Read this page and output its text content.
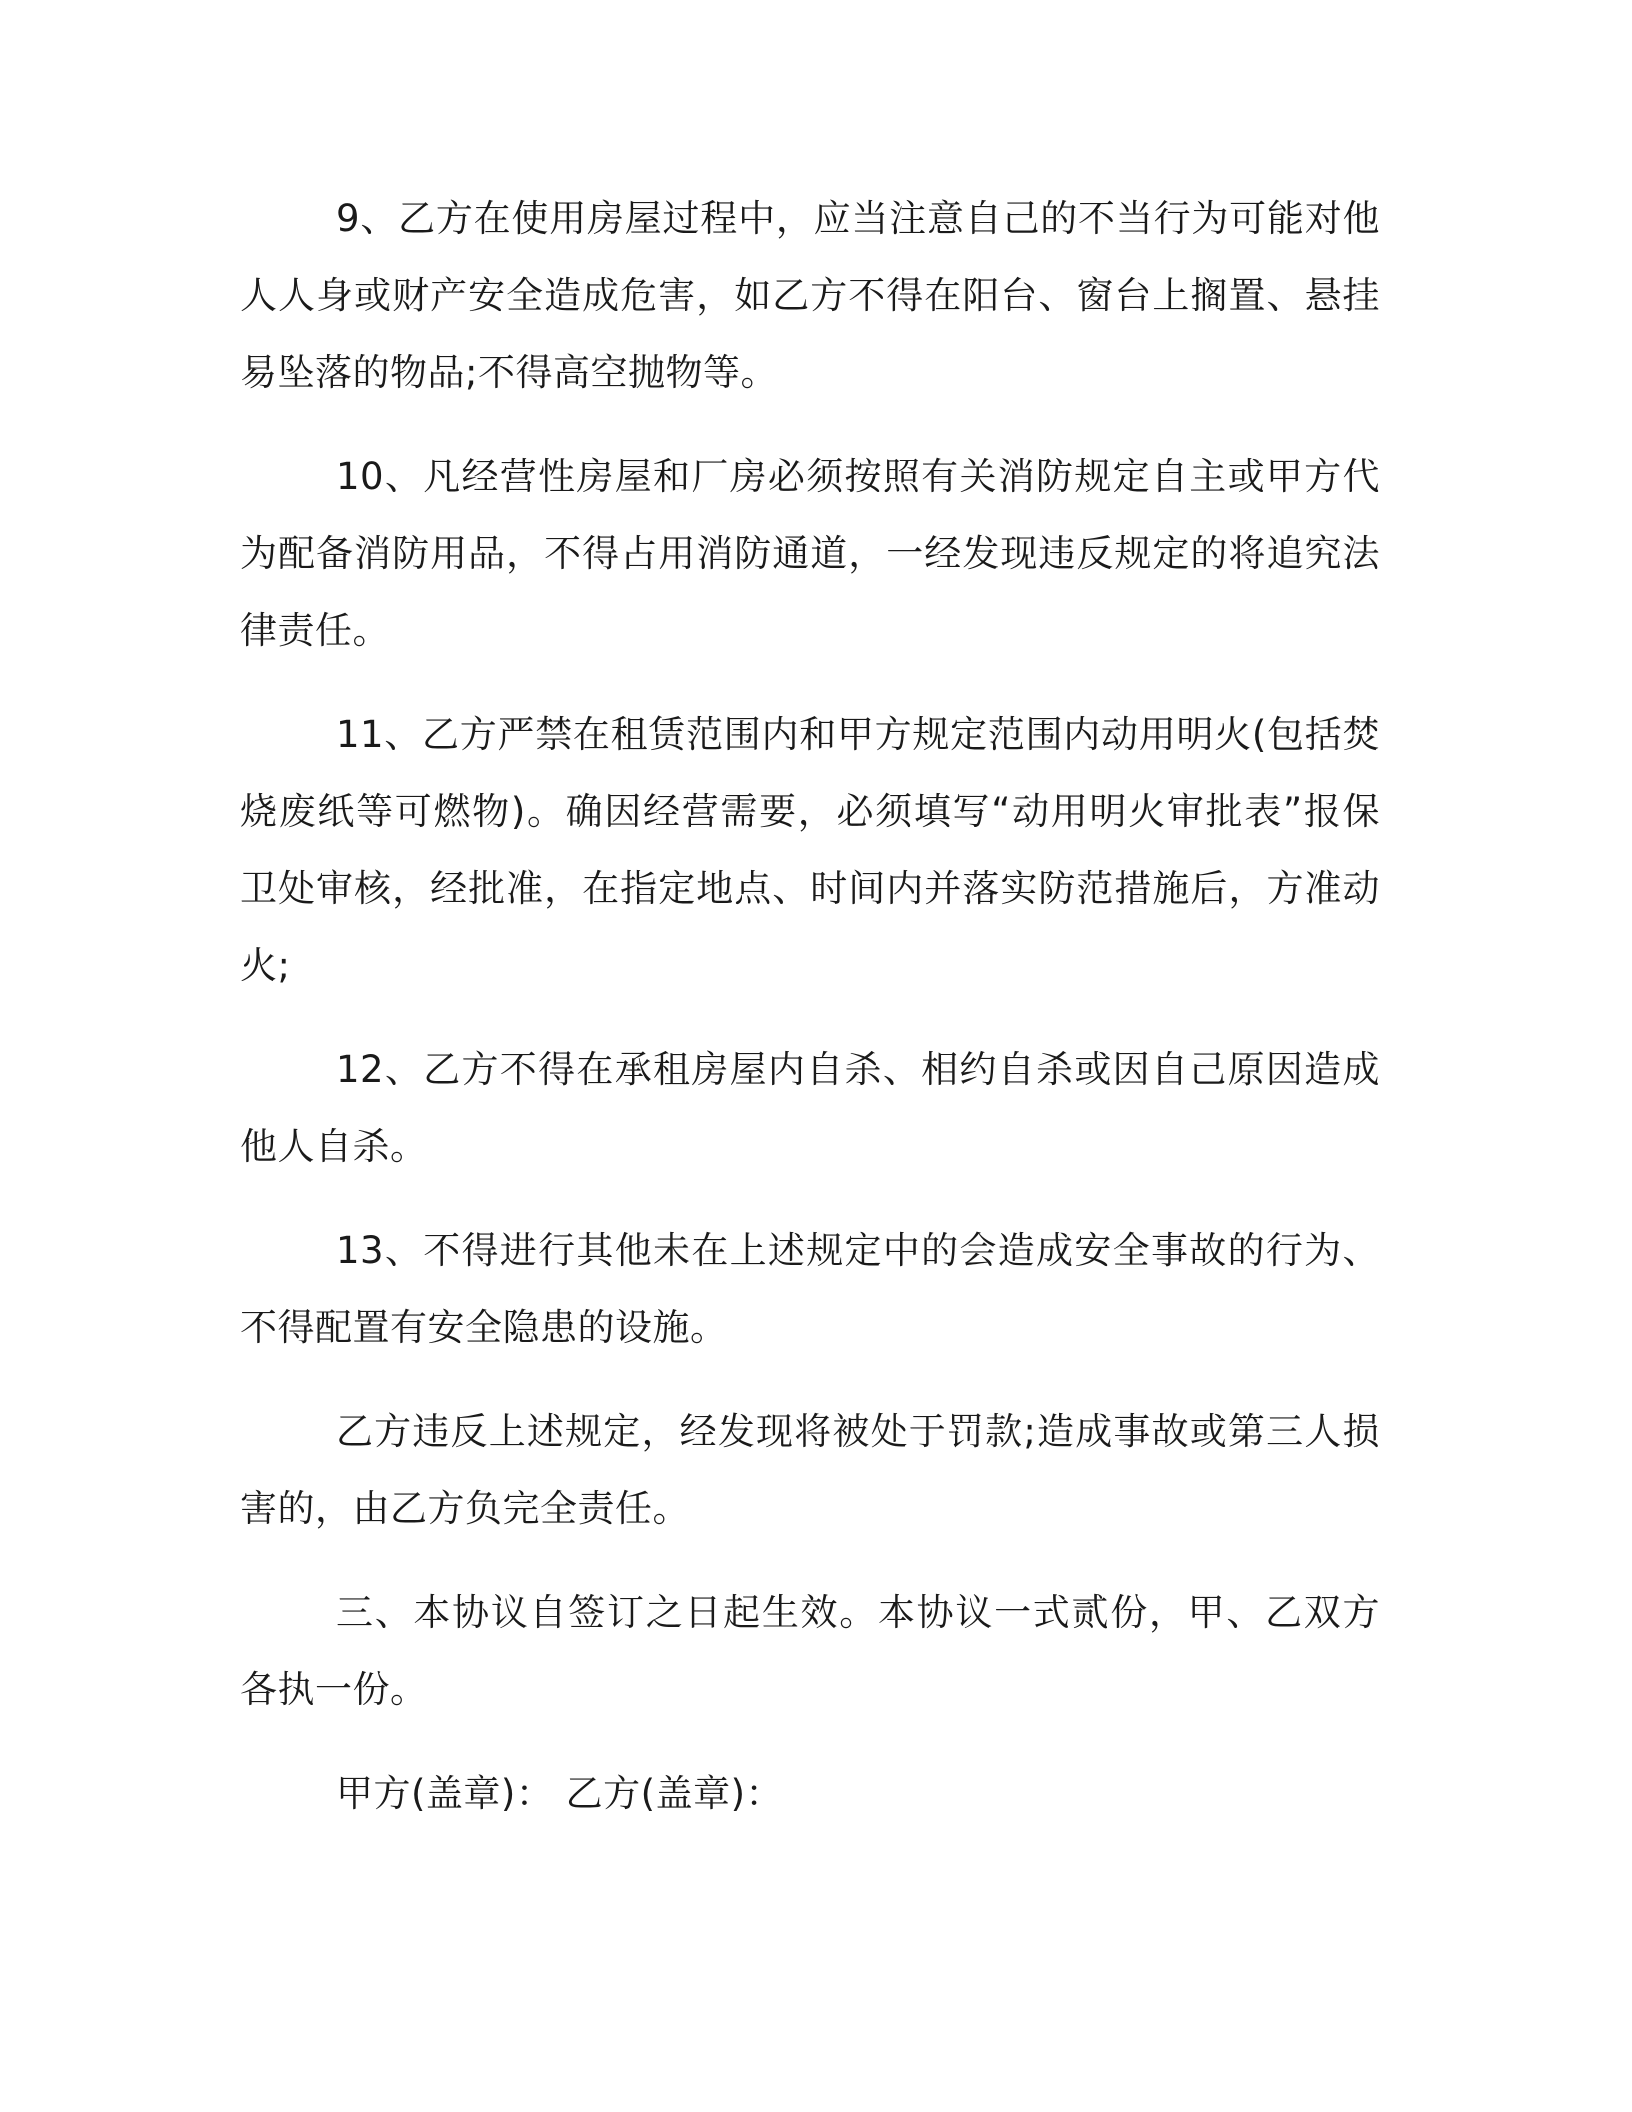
9、乙方在使用房屋过程中，应当注意自己的不当行为可能对他人人身或财产安全造成危害，如乙方不得在阳台、窗台上搁置、悬挂易坠落的物品;不得高空抛物等。

10、凡经营性房屋和厂房必须按照有关消防规定自主或甲方代为配备消防用品，不得占用消防通道，一经发现违反规定的将追究法律责任。

11、乙方严禁在租赁范围内和甲方规定范围内动用明火(包括焚烧废纸等可燃物)。确因经营需要，必须填写“动用明火审批表”报保卫处审核，经批准，在指定地点、时间内并落实防范措施后，方准动火;

12、乙方不得在承租房屋内自杀、相约自杀或因自己原因造成他人自杀。

13、不得进行其他未在上述规定中的会造成安全事故的行为、不得配置有安全隐患的设施。

乙方违反上述规定，经发现将被处于罚款;造成事故或第三人损害的，由乙方负完全责任。

三、本协议自签订之日起生效。本协议一式贰份，甲、乙双方各执一份。

甲方(盖章)： 乙方(盖章)：
